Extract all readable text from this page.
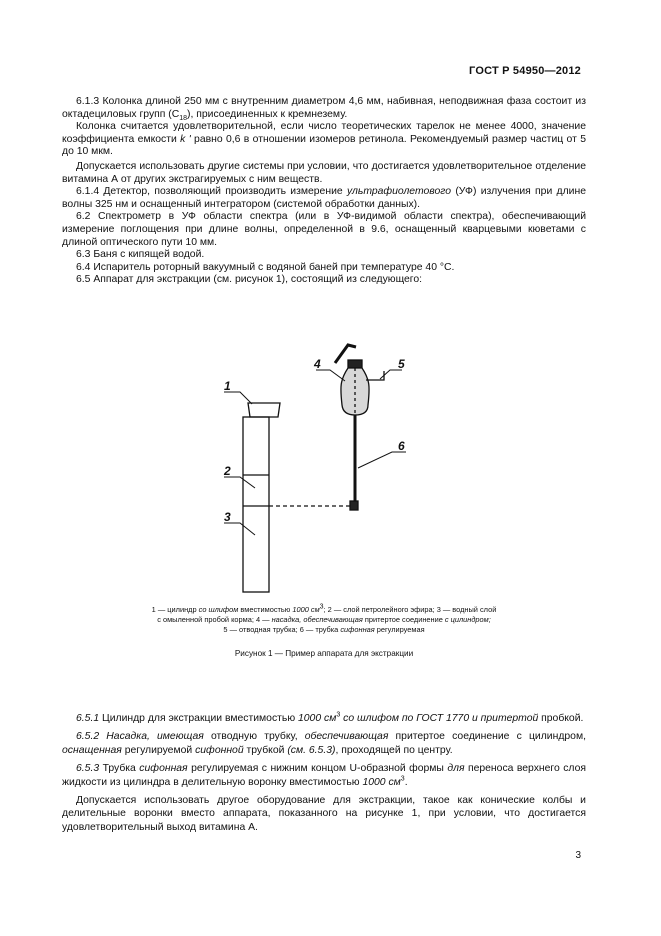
ГОСТ Р 54950—2012

6.1.3 Колонка длиной 250 мм с внутренним диаметром 4,6 мм, набивная, неподвижная фаза состоит из октадециловых групп $(C_{18})$, присоединенных к кремнезему.

Колонка считается удовлетворительной, если число теоретических тарелок не менее 4000, значение коэффициента емкости k ' равно 0,6 в отношении изомеров ретинола. Рекомендуемый размер частиц от 5 до 10 мкм.

Допускается использовать другие системы при условии, что достигается удовлетворительное отделение витамина А от других экстрагируемых с ним веществ.

6.1.4 Детектор, позволяющий производить измерение ультрафиолетового (УФ) излучения при длине волны 325 нм и оснащенный интегратором (системой обработки данных).

6.2 Спектрометр в УФ области спектра (или в УФ-видимой области спектра), обеспечивающий измерение поглощения при длине волны, определенной в 9.6, оснащенный кварцевыми кюветами с длиной оптического пути 10 мм.

6.3 Баня с кипящей водой.

6.4 Испаритель роторный вакуумный с водяной баней при температуре 40 °С.

6.5 Аппарат для экстракции (см. рисунок 1), состоящий из следующего:

1
2
3
4	5
6
1 — цилиндр со шлифом вместимостью 1000 $см^3$; 2 — слой петролейного эфира; 3 — водный слой
с омыленной пробой корма; 4 — насадка, обеспечивающая притертое соединение с цилиндром;
5 — отводная трубка; 6 — трубка сифонная регулируемая
Рисунок 1 — Пример аппарата для экстракции

6.5.1 Цилиндр для экстракции вместимостью 1000 $см^3$ со шлифом по ГОСТ 1770 и притертой пробкой.

6.5.2 Насадка, имеющая отводную трубку, обеспечивающая притертое соединение с цилиндром, оснащенная регулируемой сифонной трубкой (см. 6.5.3), проходящей по центру.

6.5.3 Трубка сифонная регулируемая с нижним концом U-образной формы для переноса верхнего слоя жидкости из цилиндра в делительную воронку вместимостью 1000 $см^3$.

Допускается использовать другое оборудование для экстракции, такое как конические колбы и делительные воронки вместо аппарата, показанного на рисунке 1, при условии, что достигается удовлетворительный выход витамина А.

3
